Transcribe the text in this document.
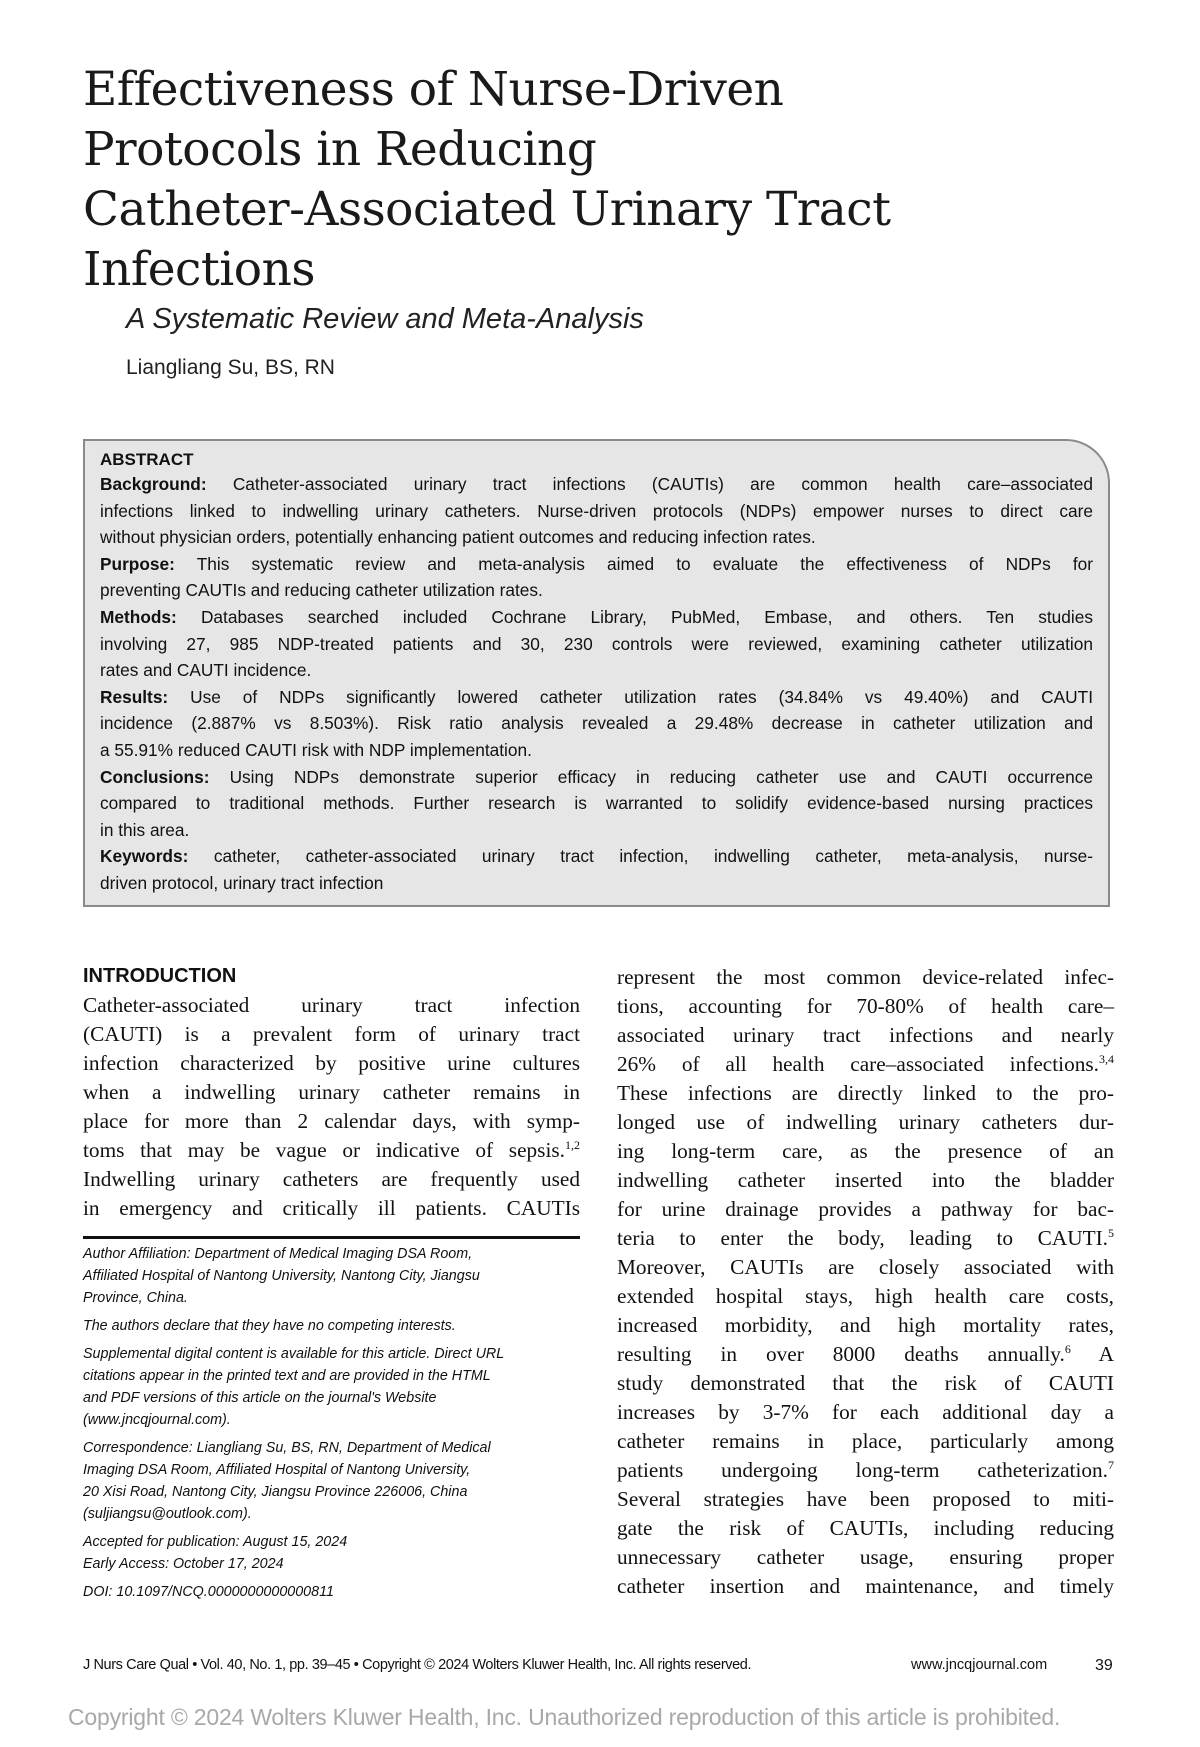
Effectiveness of Nurse-Driven
Protocols in Reducing
Catheter-Associated Urinary Tract
Infections
A Systematic Review and Meta-Analysis
Liangliang Su, BS, RN
ABSTRACT
Background: Catheter-associated urinary tract infections (CAUTIs) are common health care–associated
infections linked to indwelling urinary catheters. Nurse-driven protocols (NDPs) empower nurses to direct care
without physician orders, potentially enhancing patient outcomes and reducing infection rates.
Purpose: This systematic review and meta-analysis aimed to evaluate the effectiveness of NDPs for
preventing CAUTIs and reducing catheter utilization rates.
Methods: Databases searched included Cochrane Library, PubMed, Embase, and others. Ten studies
involving 27, 985 NDP-treated patients and 30, 230 controls were reviewed, examining catheter utilization
rates and CAUTI incidence.
Results: Use of NDPs significantly lowered catheter utilization rates (34.84% vs 49.40%) and CAUTI
incidence (2.887% vs 8.503%). Risk ratio analysis revealed a 29.48% decrease in catheter utilization and
a 55.91% reduced CAUTI risk with NDP implementation.
Conclusions: Using NDPs demonstrate superior efficacy in reducing catheter use and CAUTI occurrence
compared to traditional methods. Further research is warranted to solidify evidence-based nursing practices
in this area.
Keywords: catheter, catheter-associated urinary tract infection, indwelling catheter, meta-analysis, nurse-
driven protocol, urinary tract infection
INTRODUCTION
Catheter-associated urinary tract infection
(CAUTI) is a prevalent form of urinary tract
infection characterized by positive urine cultures
when a indwelling urinary catheter remains in
place for more than 2 calendar days, with symp-
toms that may be vague or indicative of sepsis.$^{1,2}$
Indwelling urinary catheters are frequently used
in emergency and critically ill patients. CAUTIs
represent the most common device-related infec-
tions, accounting for 70-80% of health care–
associated urinary tract infections and nearly
26% of all health care–associated infections.$^{3,4}$
These infections are directly linked to the pro-
longed use of indwelling urinary catheters dur-
ing long-term care, as the presence of an
indwelling catheter inserted into the bladder
for urine drainage provides a pathway for bac-
teria to enter the body, leading to CAUTI.$^5$
Moreover, CAUTIs are closely associated with
extended hospital stays, high health care costs,
increased morbidity, and high mortality rates,
resulting in over 8000 deaths annually.$^6$ A
study demonstrated that the risk of CAUTI
increases by 3-7% for each additional day a
catheter remains in place, particularly among
patients undergoing long-term catheterization.$^7$
Several strategies have been proposed to miti-
gate the risk of CAUTIs, including reducing
unnecessary catheter usage, ensuring proper
catheter insertion and maintenance, and timely
Author Affiliation: Department of Medical Imaging DSA Room,
Affiliated Hospital of Nantong University, Nantong City, Jiangsu
Province, China.
The authors declare that they have no competing interests.
Supplemental digital content is available for this article. Direct URL
citations appear in the printed text and are provided in the HTML
and PDF versions of this article on the journal's Website
(www.jncqjournal.com).
Correspondence: Liangliang Su, BS, RN, Department of Medical
Imaging DSA Room, Affiliated Hospital of Nantong University,
20 Xisi Road, Nantong City, Jiangsu Province 226006, China
(suljiangsu@outlook.com).
Accepted for publication: August 15, 2024
Early Access: October 17, 2024
DOI: 10.1097/NCQ.0000000000000811
J Nurs Care Qual • Vol. 40, No. 1, pp. 39–45 • Copyright © 2024 Wolters Kluwer Health, Inc. All rights reserved.	www.jncqjournal.com	39
Copyright © 2024 Wolters Kluwer Health, Inc. Unauthorized reproduction of this article is prohibited.
